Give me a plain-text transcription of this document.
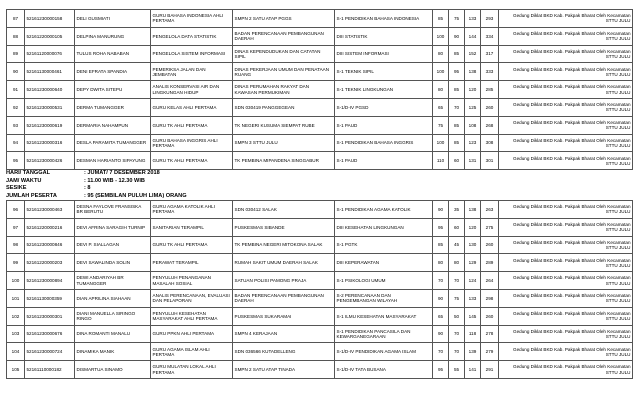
87	52161230000158	DELI GUSMIATI	GURU BAHASA INDONESIA AHLI PERTAMA	SMPN 2 SATU ATAP PGGS	S-1 PENDIDIKAN BAHASA INDONESIA	85	75	133	293	Gedung Diklat BKD Kab. Pakpak Bharat Oleh Kecamatan STTU JULU
88	52161220000105	DELPINA MANURUNG	PENGELOLA DATA STATISTIK	BADAN PERENCANAAN PEMBANGUNAN DAERAH	DIII STATISTIK	100	90	144	334	Gedung Diklat BKD Kab. Pakpak Bharat Oleh Kecamatan STTU JULU
89	52161120000076	TULUS ROHA NABABAN	PENGELOLA SISTEM INFORMASI	DINAS KEPENDUDUKAN DAN CATATAN SIPIL	DIII SISTEM INFORMASI	80	85	152	317	Gedung Diklat BKD Kab. Pakpak Bharat Oleh Kecamatan STTU JULU
90	52161130000461	DENI EFRATA SPANDIA	PEMERIKSA JALAN DAN JEMBATAN	DINAS PEKERJAAN UMUM DAN PENATAAN RUANG	S-1 TEKNIK SIPIL	100	95	138	333	Gedung Diklat BKD Kab. Pakpak Bharat Oleh Kecamatan STTU JULU
91	52161230000640	DEPY DWITA SITEPU	ANALIS KONSERVASI AIR DAN LINGKUNGAN HIDUP	DINAS PERUMAHAN RAKYAT DAN KAWASAN PERMUKIMAN	S-1 TEKNIK LINGKUNGAN	80	85	120	285	Gedung Diklat BKD Kab. Pakpak Bharat Oleh Kecamatan STTU JULU
92	52161230000531	DERMA TUMANGGER	GURU KELAS AHLI PERTAMA	SDN 030419 PANGGEGEAN	S-1/D-IV PGSD	65	70	125	260	Gedung Diklat BKD Kab. Pakpak Bharat Oleh Kecamatan STTU JULU
93	52161230000619	DERMARIA NAHAMPUN	GURU TK AHLI PERTAMA	TK NEGERI KUSUMA SIEMPAT RUBE	S-1 PAUD	75	85	108	268	Gedung Diklat BKD Kab. Pakpak Bharat Oleh Kecamatan STTU JULU
94	52161230000316	DESLA PARAMITA TUMANGGER	GURU BAHASA INGGRIS AHLI PERTAMA	SMPN 3 STTU JULU	S-1 PENDIDIKAN BAHASA INGGRIS	100	85	123	308	Gedung Diklat BKD Kab. Pakpak Bharat Oleh Kecamatan STTU JULU
95	52161230000426	DESMAN HARIANTO SIPAYUNG	GURU TK AHLI PERTAMA	TK PEMBINA MIPANDENA SINGGABUR	S-1 PAUD	110	60	131	301	Gedung Diklat BKD Kab. Pakpak Bharat Oleh Kecamatan STTU JULU
HARI/ TANGGAL	: JUMAT/ 7 DESEMBER 2018
JAM/ WAKTU	: 11.00 WIB - 12.30 WIB
SESIKE	: 8
JUMLAH PESERTA	: 95 (SEMBILAN PULUH LIMA) ORANG
96	52161230000463	DESNA FAYLOVE FRANSISKA BR BERUTU	GURU AGAMA KATOLIK AHLI PERTAMA	SDN 030412 SALAK	S-1 PENDIDIKAN AGAMA KATOLIK	90	35	138	263	Gedung Diklat BKD Kab. Pakpak Bharat Oleh Kecamatan STTU JULU
97	52161220000216	DEVI AFRINA SARAGIH TURNIP	SANITARIAN TERAMPIL	PUSKESMAS SIBANDE	DIII KESEHATAN LINGKUNGAN	95	60	120	275	Gedung Diklat BKD Kab. Pakpak Bharat Oleh Kecamatan STTU JULU
98	52161230000846	DEVI P. SIALLAGAN	GURU TK AHLI PERTAMA	TK PEMBINA NEGERI MITOKONA SALAK	S-1 PGTK	85	45	130	260	Gedung Diklat BKD Kab. Pakpak Bharat Oleh Kecamatan STTU JULU
99	52161220000203	DEVI SAWALINDA SOLIN	PERAWAT TERAMPIL	RUMAH SAKIT UMUM DAERAH SALAK	DIII KEPERAWATAN	80	80	129	289	Gedung Diklat BKD Kab. Pakpak Bharat Oleh Kecamatan STTU JULU
100	52161230000894	DEWI ANDARIYAH BR TUMANGGER	PENYULUH PENANGANAN MASALAH SOSIAL	SATUAN POLISI PAMONG PRAJA	S-1 PSIKOLOGI UMUM	70	70	124	264	Gedung Diklat BKD Kab. Pakpak Bharat Oleh Kecamatan STTU JULU
101	52161130000359	DIAN APRILINA SIAHAAN	ANALIS PERENCANAAN, EVALUASI DAN PELAPORAN	BADAN PERENCANAAN PEMBANGUNAN DAERAH	S-2 PERENCANAAN DAN PENGEMBANGAN WILAYAH	90	75	133	298	Gedung Diklat BKD Kab. Pakpak Bharat Oleh Kecamatan STTU JULU
102	52161230000301	DIANI MANUELLA SIRINGO RINGO	PENYULUH KESEHATAN MASYARAKAT AHLI PERTAMA	PUSKESMAS SUKARAMAI	S-1 ILMU KESEHATAN MASYARAKAT	65	50	145	260	Gedung Diklat BKD Kab. Pakpak Bharat Oleh Kecamatan STTU JULU
103	52161230000676	DINA ROMANTI MANALU	GURU PPKN AHLI PERTAMA	SMPN 4 KERAJAAN	S-1 PENDIDIKAN PANCASILA DAN KEWARGANEGARAAN	90	70	118	278	Gedung Diklat BKD Kab. Pakpak Bharat Oleh Kecamatan STTU JULU
104	52161230000724	DINAMIKA MANIK	GURU AGAMA ISLAM AHLI PERTAMA	SDN 036566 KUTADELLENG	S-1/D-IV PENDIDIKAN AGAMA ISLAM	70	70	139	279	Gedung Diklat BKD Kab. Pakpak Bharat Oleh Kecamatan STTU JULU
105	52161110000182	DISMARTUA SINAMO	GURU MULATAN LOKAL AHLI PERTAMA	SMPN 2 SATU ATAP TINADA	S-1/D-IV TATA BUSANA	95	55	141	291	Gedung Diklat BKD Kab. Pakpak Bharat Oleh Kecamatan STTU JULU
